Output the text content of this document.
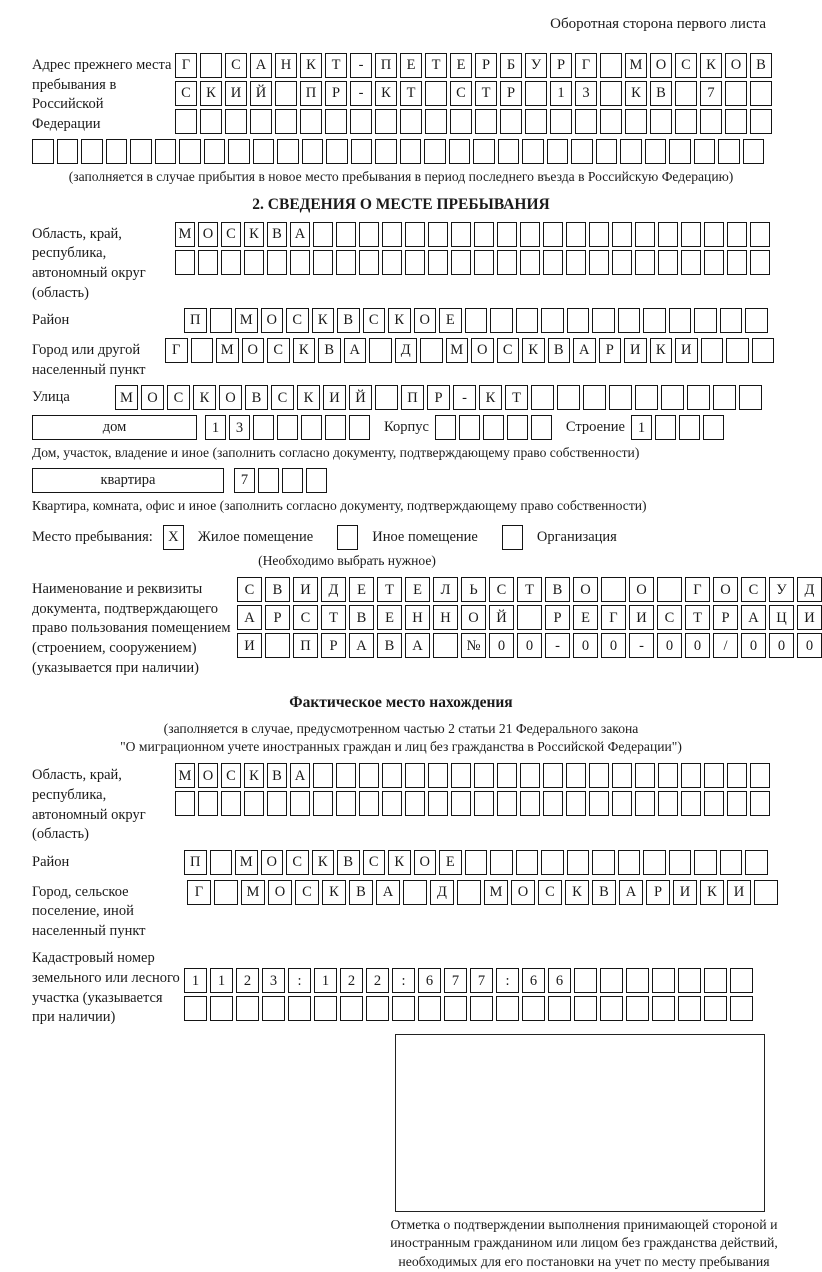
Оборотная сторона первого листа
Адрес прежнего места пребывания в Российской Федерации
Г	С	А	Н	К	Т	-	П	Е	Т	Е	Р	Б	У	Р	Г	М О	С	К	О	В
С	К	И	Й	П	Р	-	К	Т	С	Т	Р	1	3	К	В	7
(заполняется в случае прибытия в новое место пребывания в период последнего въезда в Российскую Федерацию)
2. СВЕДЕНИЯ О МЕСТЕ ПРЕБЫВАНИЯ
Область, край, республика, автономный округ (область)
М О С К В А
Район	П	М О	С	К	В	С	К	О	Е
Город или другой населенный пункт
Г	М О	С	К	В	А	Д	М О	С	К	В	А	Р	И	К	И
Улица	М О	С	К	О	В	С	К	И	Й	П	Р	-	К	Т
дом	1	3	Корпус	Строение 1
Дом, участок, владение и иное (заполнить согласно документу, подтверждающему право собственности)
квартира	7
Квартира, комната, офис и иное (заполнить согласно документу, подтверждающему право собственности)
Место пребывания:	X	Жилое помещение	Иное помещение	Организация
(Необходимо выбрать нужное)
Наименование и реквизиты документа, подтверждающего право пользования помещением (строением, сооружением) (указывается при наличии)
С	В	И	Д	Е	Т	Е	Л	Ь	С	Т	В	О	О	Г	О	С	У	Д
А	Р	С	Т	В	Е	Н	Н	О	Й	Р	Е	Г	И	С	Т	Р	А	Ц	И
И	П	Р	А	В	А	№	0	0	-	0	0	-	0	0	/	0	0	0
Фактическое место нахождения
(заполняется в случае, предусмотренном частью 2 статьи 21 Федерального закона
"О миграционном учете иностранных граждан и лиц без гражданства в Российской Федерации")
Область, край, республика, автономный округ (область)
М О С К В А
Район	П	М О	С	К	В	С	К	О	Е
Город, сельское поселение, иной населенный пункт
Г	М	О	С	К	В	А	Д	М	О	С	К	В	А	Р	И	К	И
Кадастровый номер земельного или лесного участка (указывается при наличии)
1	1	2	3	:	1	2	2	:	6	7	7	:	6	6
Отметка о подтверждении выполнения принимающей стороной и иностранным гражданином или лицом без гражданства действий, необходимых для его постановки на учет по месту пребывания
